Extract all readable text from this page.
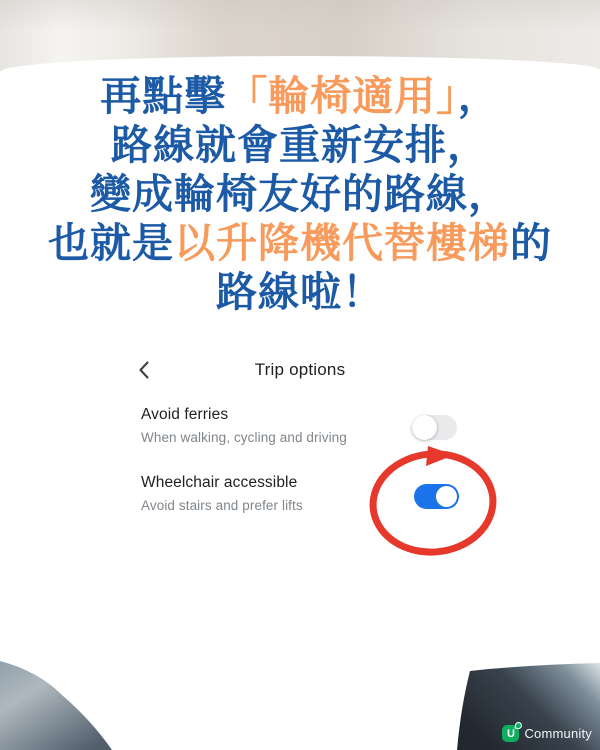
再點擊「輪椅適用」，
路線就會重新安排，
變成輪椅友好的路線，
也就是以升降機代替樓梯的
路線啦！
Trip options
Avoid ferries
When walking, cycling and driving
Wheelchair accessible
Avoid stairs and prefer lifts
U Community
